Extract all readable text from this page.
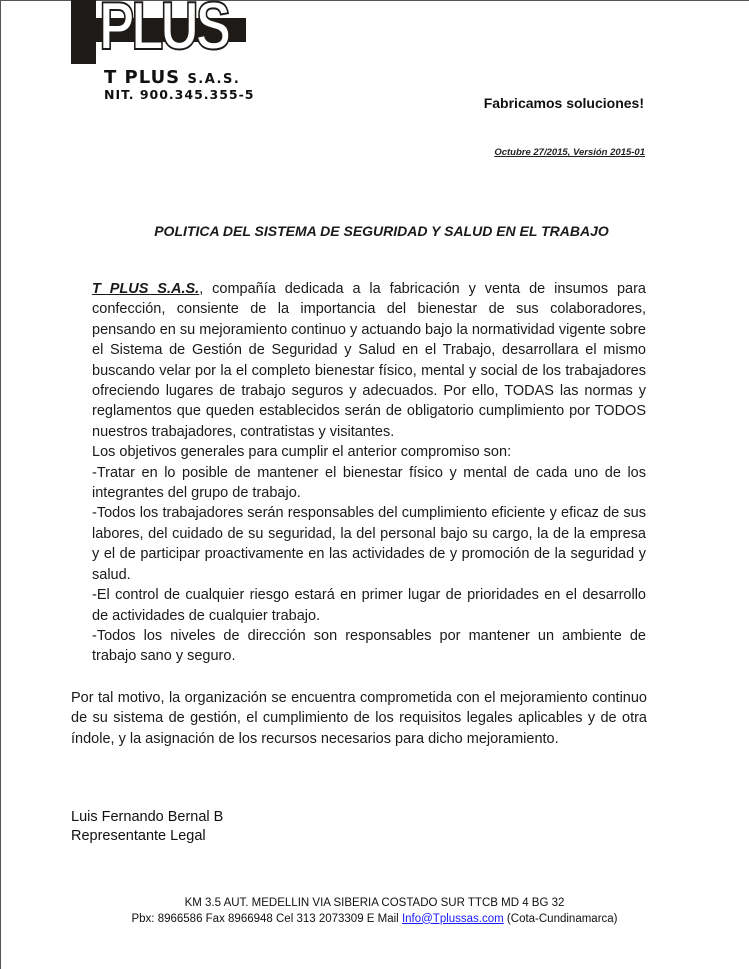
PLUS
T PLUS S.A.S.
NIT. 900.345.355-5
Fabricamos soluciones!
Octubre 27/2015, Versión 2015-01
POLITICA DEL SISTEMA DE SEGURIDAD Y SALUD EN EL TRABAJO

T PLUS S.A.S., compañía dedicada a la fabricación y venta de insumos para confección, consiente de la importancia del bienestar de sus colaboradores, pensando en su mejoramiento continuo y actuando bajo la normatividad vigente sobre el Sistema de Gestión de Seguridad y Salud en el Trabajo, desarrollara el mismo buscando velar por la el completo bienestar físico, mental y social de los trabajadores ofreciendo lugares de trabajo seguros y adecuados. Por ello, TODAS las normas y reglamentos que queden establecidos serán de obligatorio cumplimiento por TODOS nuestros trabajadores, contratistas y visitantes.

Los objetivos generales para cumplir el anterior compromiso son:

-Tratar en lo posible de mantener el bienestar físico y mental de cada uno de los integrantes del grupo de trabajo.

-Todos los trabajadores serán responsables del cumplimiento eficiente y eficaz de sus labores, del cuidado de su seguridad, la del personal bajo su cargo, la de la empresa y el de participar proactivamente en las actividades de y promoción de la seguridad y salud.

-El control de cualquier riesgo estará en primer lugar de prioridades en el desarrollo de actividades de cualquier trabajo.

-Todos los niveles de dirección son responsables por mantener un ambiente de trabajo sano y seguro.

Por tal motivo, la organización se encuentra comprometida con el mejoramiento continuo de su sistema de gestión, el cumplimiento de los requisitos legales aplicables y de otra índole, y la asignación de los recursos necesarios para dicho mejoramiento.
Luis Fernando Bernal B
Representante Legal
KM 3.5 AUT. MEDELLIN VIA SIBERIA COSTADO SUR TTCB MD 4 BG 32
Pbx: 8966586 Fax 8966948 Cel 313 2073309 E Mail Info@Tplussas.com (Cota-Cundinamarca)
